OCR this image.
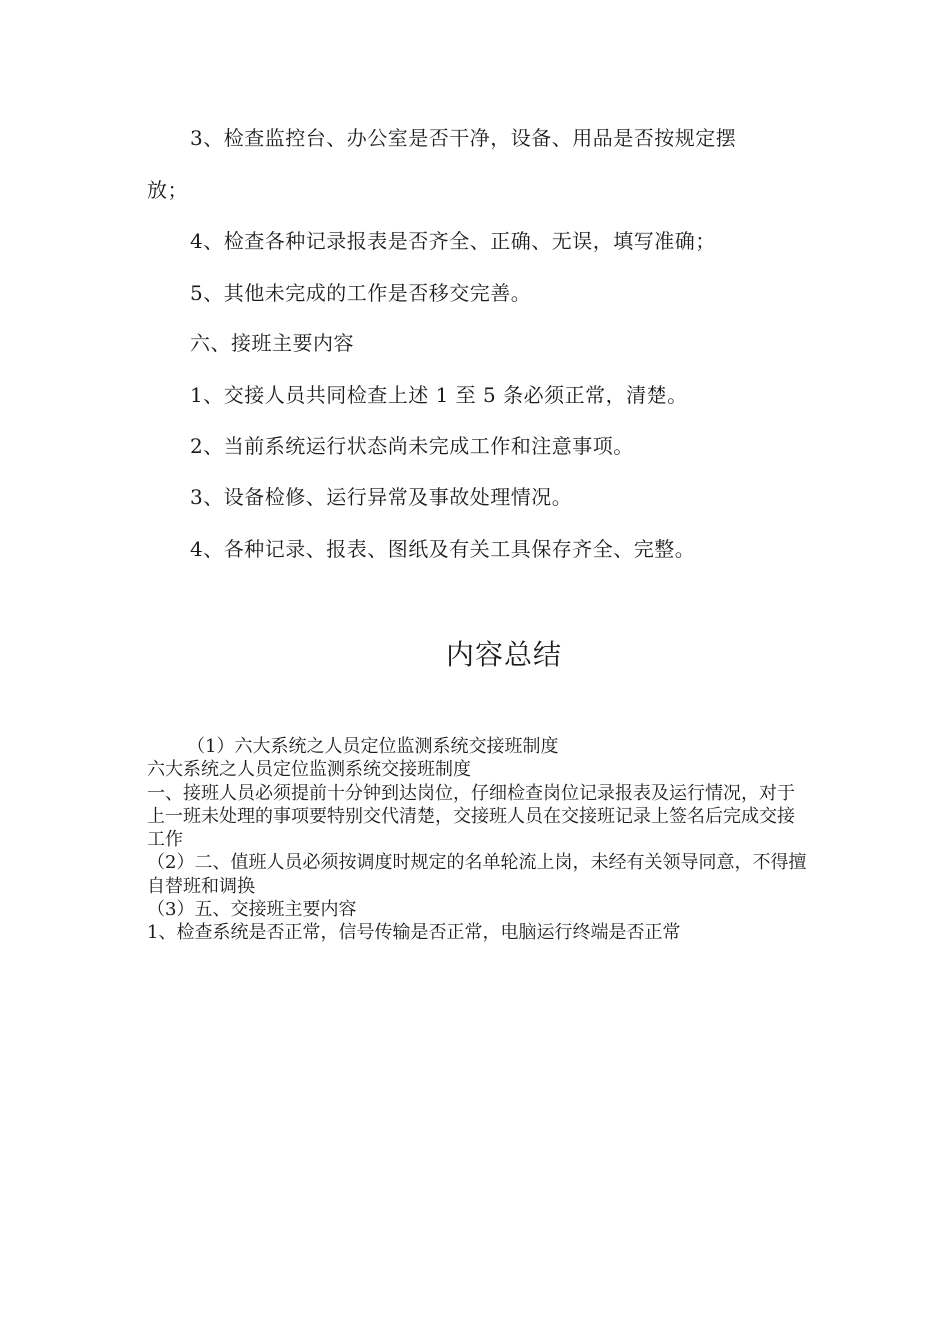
3、检查监控台、办公室是否干净，设备、用品是否按规定摆
放；
4、检查各种记录报表是否齐全、正确、无误，填写准确；
5、其他未完成的工作是否移交完善。
六、接班主要内容
1、交接人员共同检查上述 1 至 5 条必须正常，清楚。
2、当前系统运行状态尚未完成工作和注意事项。
3、设备检修、运行异常及事故处理情况。
4、各种记录、报表、图纸及有关工具保存齐全、完整。
内容总结

（1）六大系统之人员定位监测系统交接班制度

六大系统之人员定位监测系统交接班制度

一、接班人员必须提前十分钟到达岗位，仔细检查岗位记录报表及运行情况，对于上一班未处理的事项要特别交代清楚，交接班人员在交接班记录上签名后完成交接工作

（2）二、值班人员必须按调度时规定的名单轮流上岗，未经有关领导同意，不得擅自替班和调换

（3）五、交接班主要内容

1、检查系统是否正常，信号传输是否正常，电脑运行终端是否正常
